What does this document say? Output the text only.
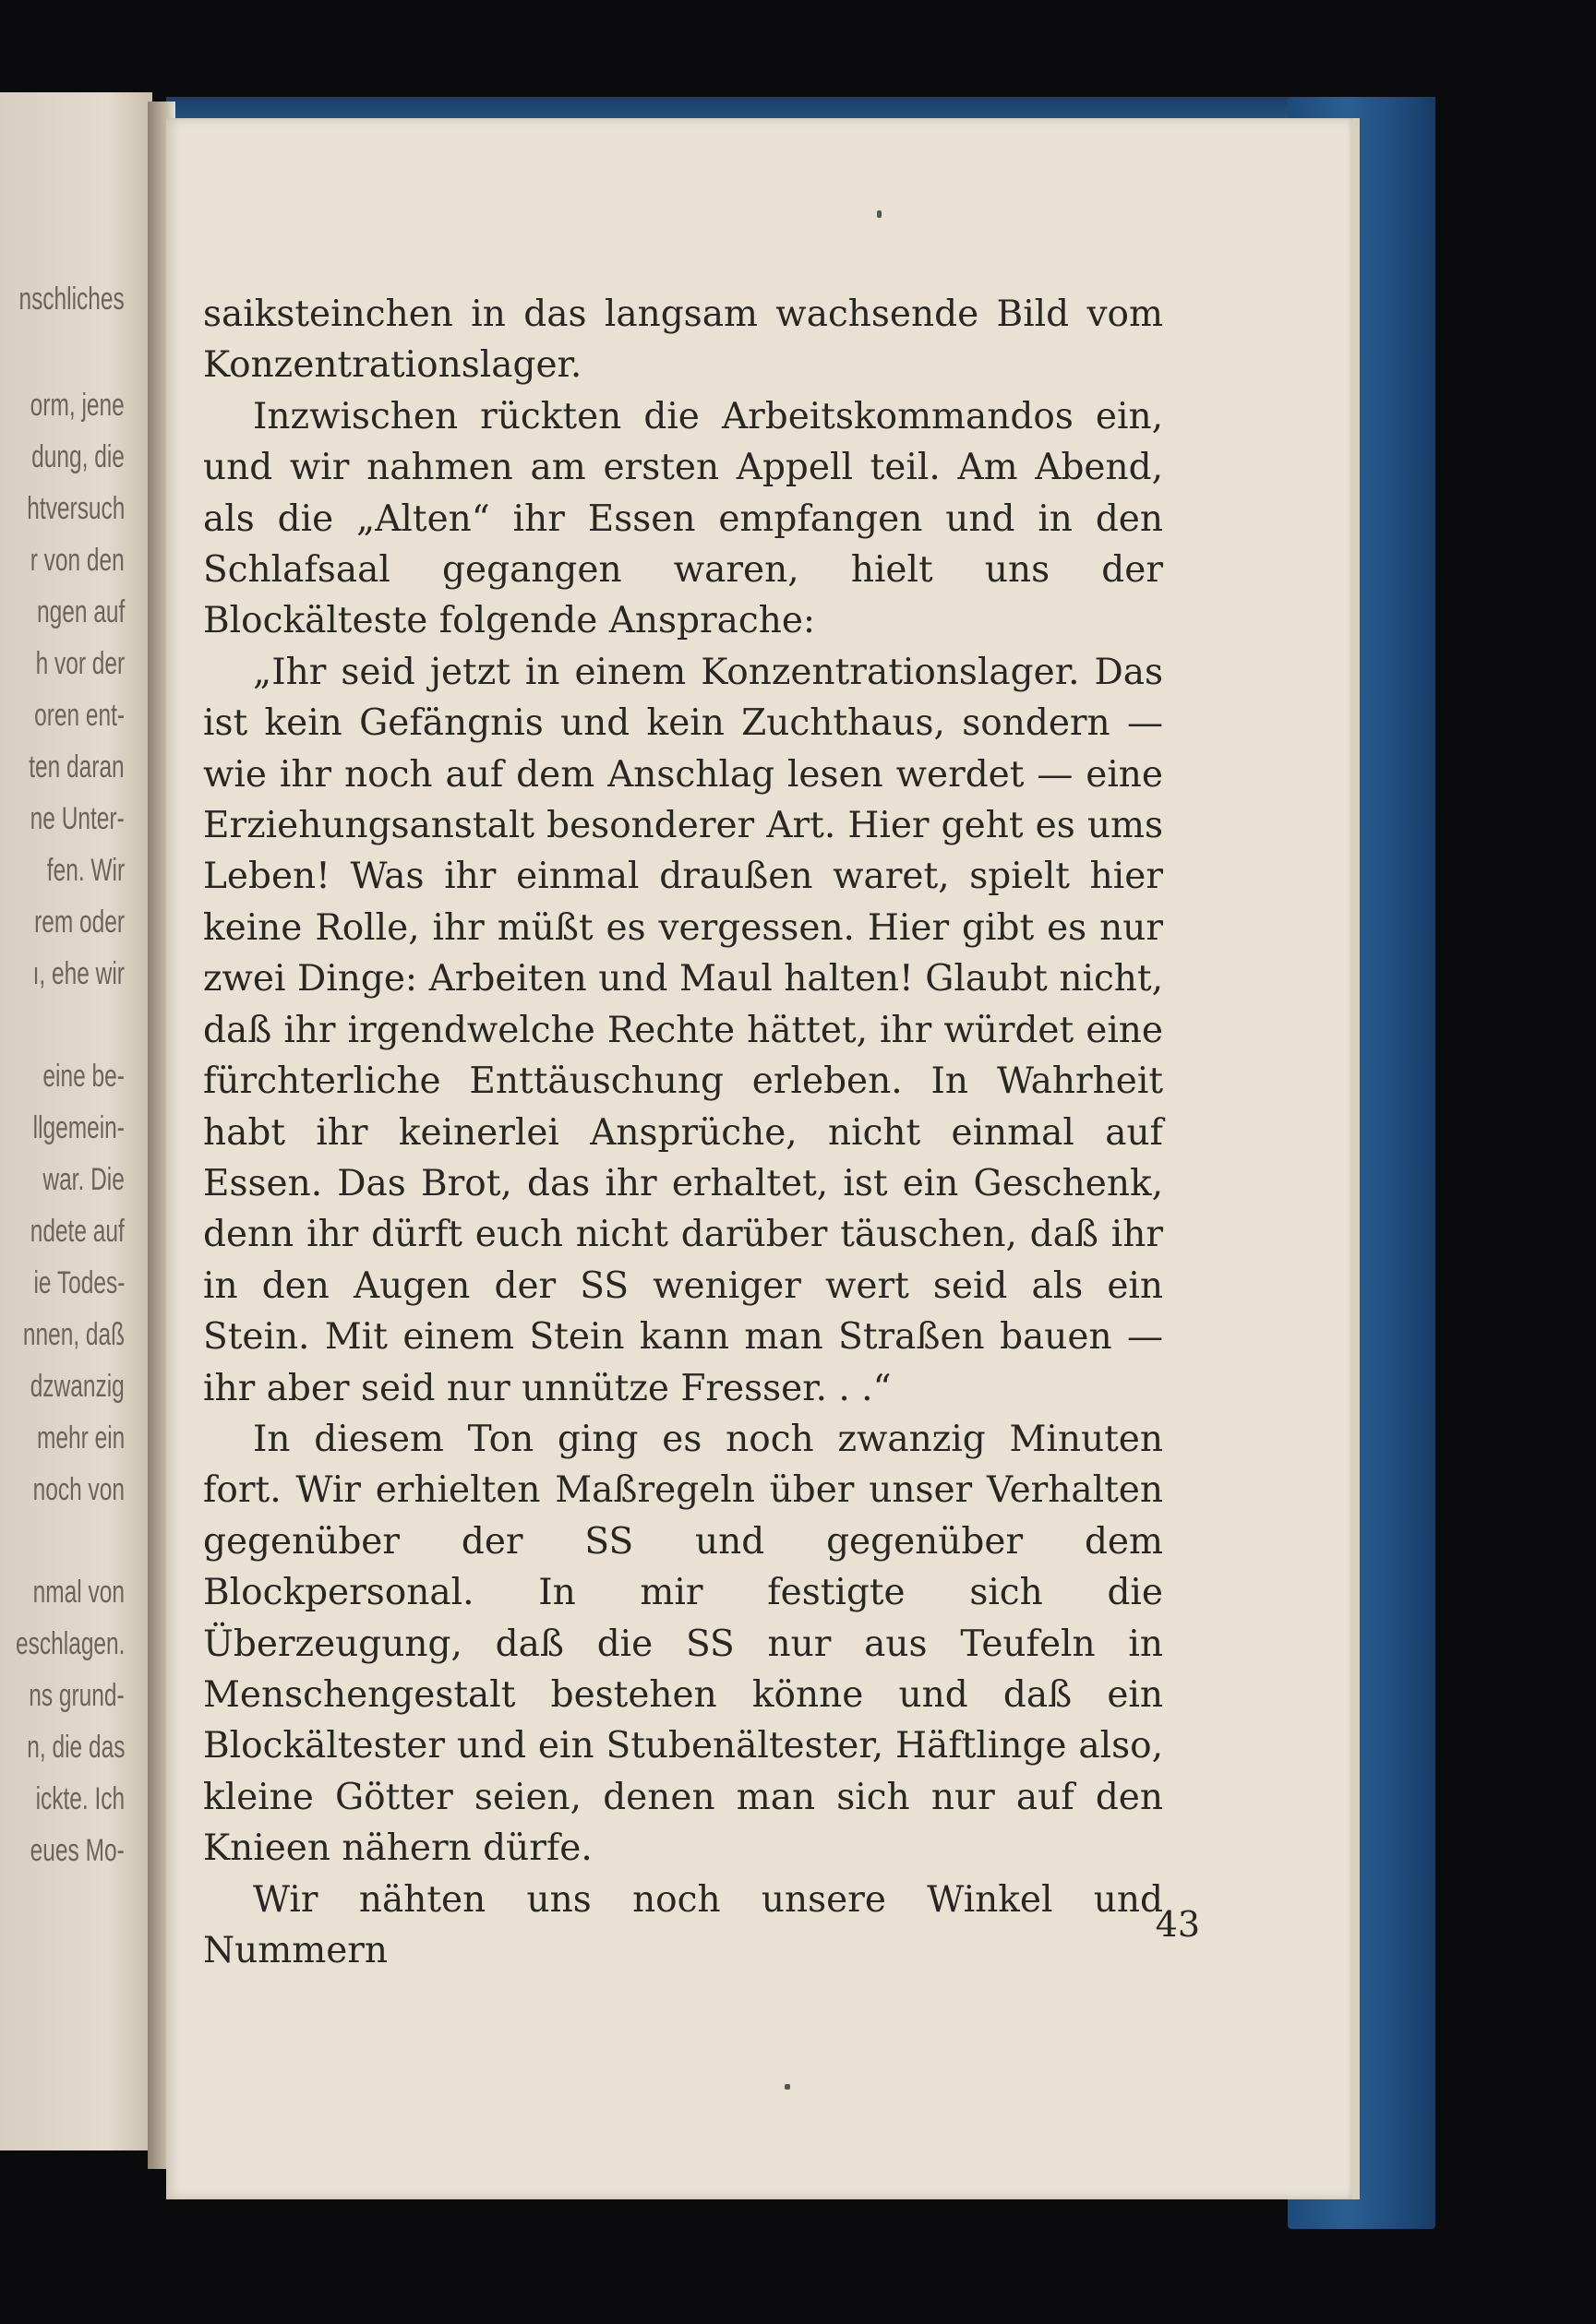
nschliches
orm, jene
dung, die
htversuch
r von den
ngen auf
h vor der
oren ent-
ten daran
ne Unter-
fen. Wir
rem oder
ı, ehe wir
eine be-
llgemein-
war. Die
ndete auf
ie Todes-
nnen, daß
dzwanzig
mehr ein
noch von
nmal von
eschlagen.
ns grund-
n, die das
ickte. Ich
eues Mo-

saiksteinchen in das langsam wachsende Bild vom Konzentrationslager.

Inzwischen rückten die Arbeitskommandos ein, und wir nahmen am ersten Appell teil. Am Abend, als die „Alten“ ihr Essen empfangen und in den Schlafsaal gegangen waren, hielt uns der Blockälteste folgende Ansprache:

„Ihr seid jetzt in einem Konzentrationslager. Das ist kein Gefängnis und kein Zuchthaus, sondern — wie ihr noch auf dem Anschlag lesen werdet — eine Erziehungsanstalt besonderer Art. Hier geht es ums Leben! Was ihr einmal draußen waret, spielt hier keine Rolle, ihr müßt es vergessen. Hier gibt es nur zwei Dinge: Arbeiten und Maul halten! Glaubt nicht, daß ihr irgendwelche Rechte hättet, ihr würdet eine fürchterliche Enttäuschung erleben. In Wahrheit habt ihr keinerlei Ansprüche, nicht einmal auf Essen. Das Brot, das ihr erhaltet, ist ein Geschenk, denn ihr dürft euch nicht darüber täuschen, daß ihr in den Augen der SS weniger wert seid als ein Stein. Mit einem Stein kann man Straßen bauen — ihr aber seid nur unnütze Fresser. . .“

In diesem Ton ging es noch zwanzig Minuten fort. Wir erhielten Maßregeln über unser Verhalten gegenüber der SS und gegenüber dem Blockpersonal. In mir festigte sich die Überzeugung, daß die SS nur aus Teufeln in Menschengestalt bestehen könne und daß ein Blockältester und ein Stubenältester, Häftlinge also, kleine Götter seien, denen man sich nur auf den Knieen nähern dürfe.

Wir nähten uns noch unsere Winkel und Nummern

43
